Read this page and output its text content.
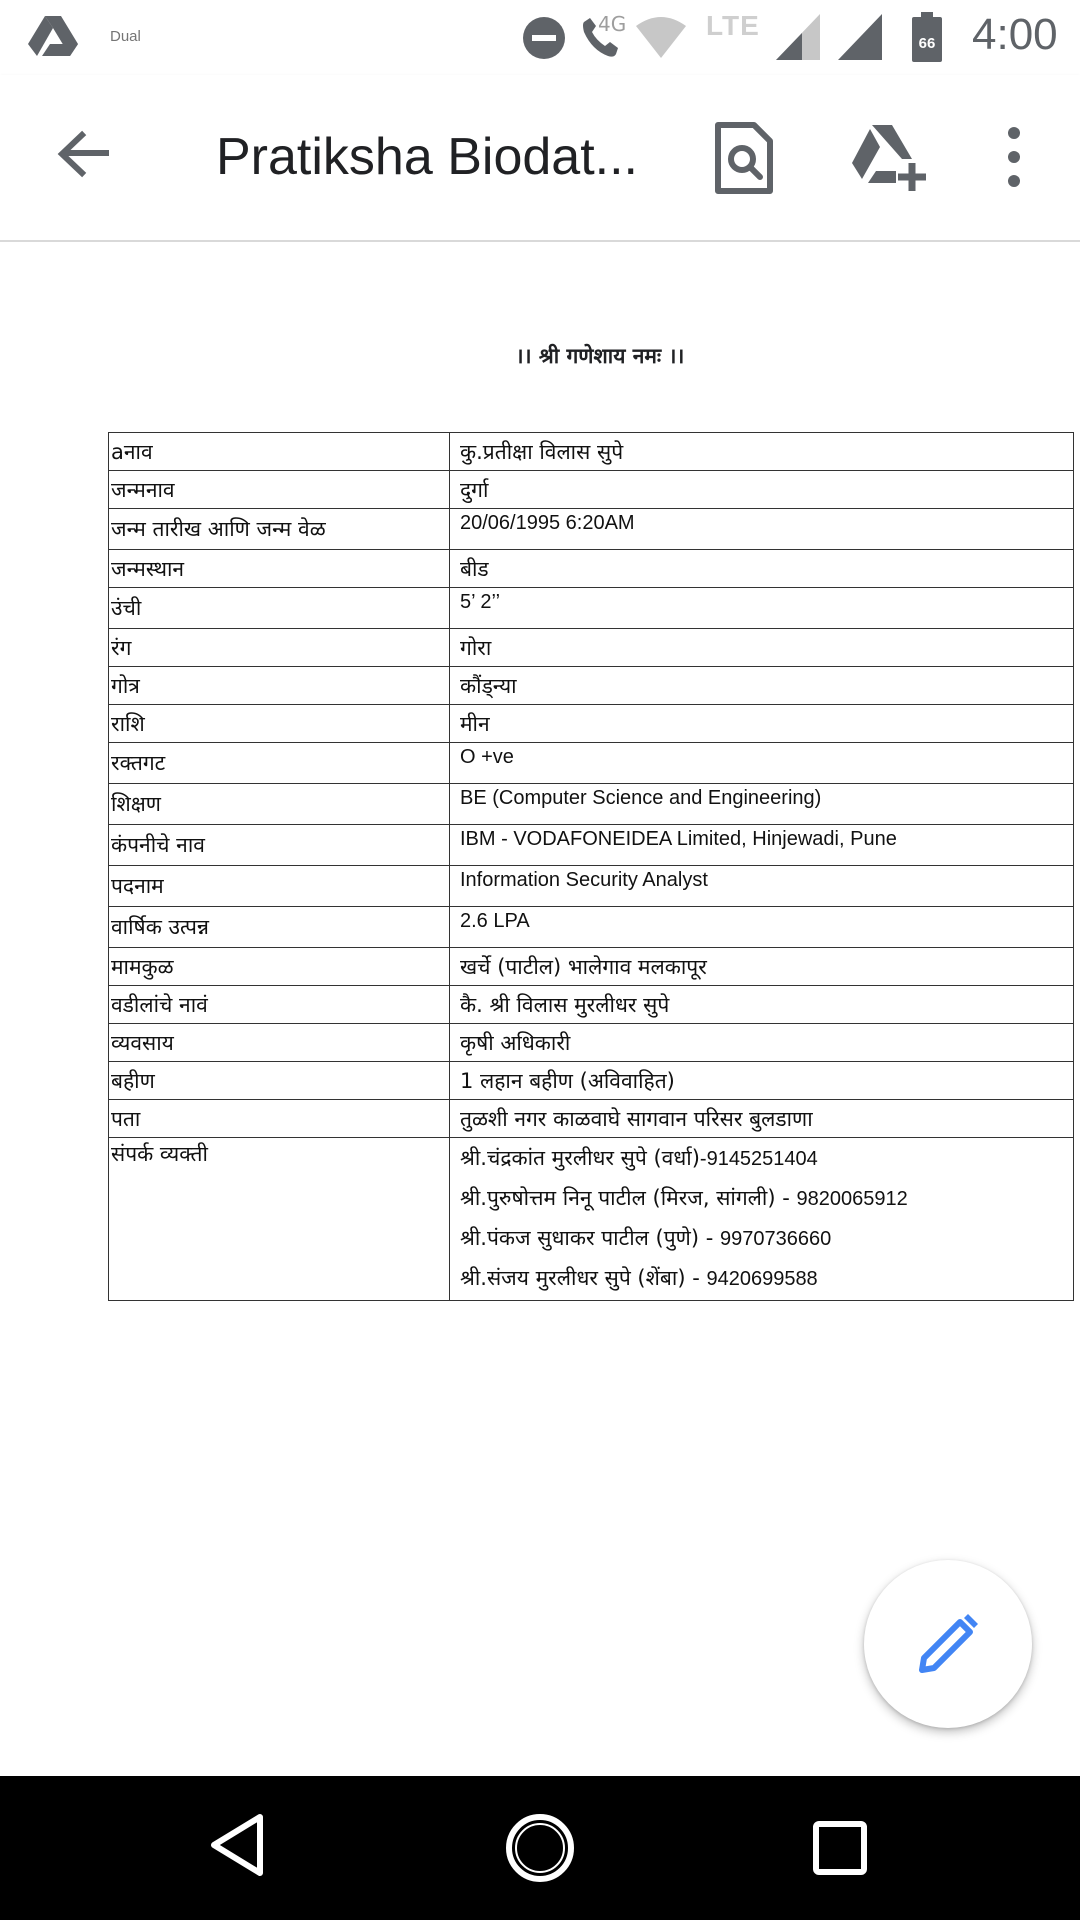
Dual
4G	LTE
66 4:00
Pratiksha Biodat...
।। श्री गणेशाय नमः ।।
aनाव	कु.प्रतीक्षा विलास सुपे
जन्मनाव	दुर्गा
जन्म तारीख आणि जन्म वेळ	20/06/1995 6:20AM
जन्मस्थान	बीड
उंची	5’ 2’’
रंग	गोरा
गोत्र	कौंड्न्या
राशि	मीन
रक्तगट	O +ve
शिक्षण	BE (Computer Science and Engineering)
कंपनीचे नाव	IBM - VODAFONEIDEA Limited, Hinjewadi, Pune
पदनाम	Information Security Analyst
वार्षिक उत्पन्न	2.6 LPA
मामकुळ	खर्चे (पाटील) भालेगाव मलकापूर
वडीलांचे नावं	कै. श्री विलास मुरलीधर सुपे
व्यवसाय	कृषी अधिकारी
बहीण	1 लहान बहीण (अविवाहित)
पता	तुळशी नगर काळवाघे सागवान परिसर बुलडाणा
संपर्क व्यक्ती	श्री.चंद्रकांत मुरलीधर सुपे (वर्धा)-9145251404
श्री.पुरुषोत्तम निनू पाटील (मिरज, सांगली) - 9820065912
श्री.पंकज सुधाकर पाटील (पुणे) - 9970736660
श्री.संजय मुरलीधर सुपे (शेंबा) - 9420699588
